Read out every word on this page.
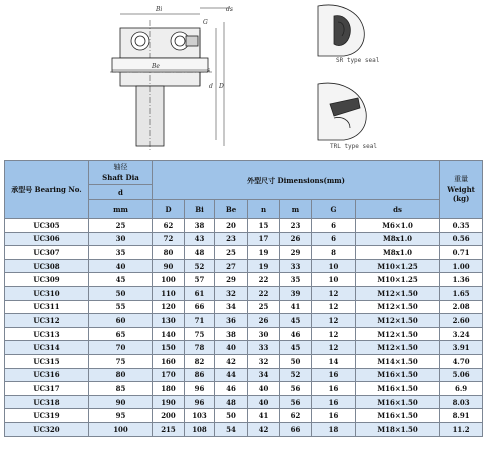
Bi
Be
G
d D
s
ds
SR type seal
TRL type seal
承型号 Bearing No.	轴径
Shaft Dia	外型尺寸 Dimensions(mm)							重量
Weight
(kg)

	d								
	mm	D	Bi	Be	n	m	G	ds	
UC305	25	62	38	20	15	23	6	M6×1.0	0.35
UC306	30	72	43	23	17	26	6	M8x1.0	0.56
UC307	35	80	48	25	19	29	8	M8x1.0	0.71
UC308	40	90	52	27	19	33	10	M10×1.25	1.00
UC309	45	100	57	29	22	35	10	M10×1.25	1.36
UC310	50	110	61	32	22	39	12	M12×1.50	1.65
UC311	55	120	66	34	25	41	12	M12×1.50	2.08
UC312	60	130	71	36	26	45	12	M12×1.50	2.60
UC313	65	140	75	38	30	46	12	M12×1.50	3.24
UC314	70	150	78	40	33	45	12	M12×1.50	3.91
UC315	75	160	82	42	32	50	14	M14×1.50	4.70
UC316	80	170	86	44	34	52	16	M16×1.50	5.06
UC317	85	180	96	46	40	56	16	M16×1.50	6.9
UC318	90	190	96	48	40	56	16	M16×1.50	8.03
UC319	95	200	103	50	41	62	16	M16×1.50	8.91
UC320	100	215	108	54	42	66	18	M18×1.50	11.2
